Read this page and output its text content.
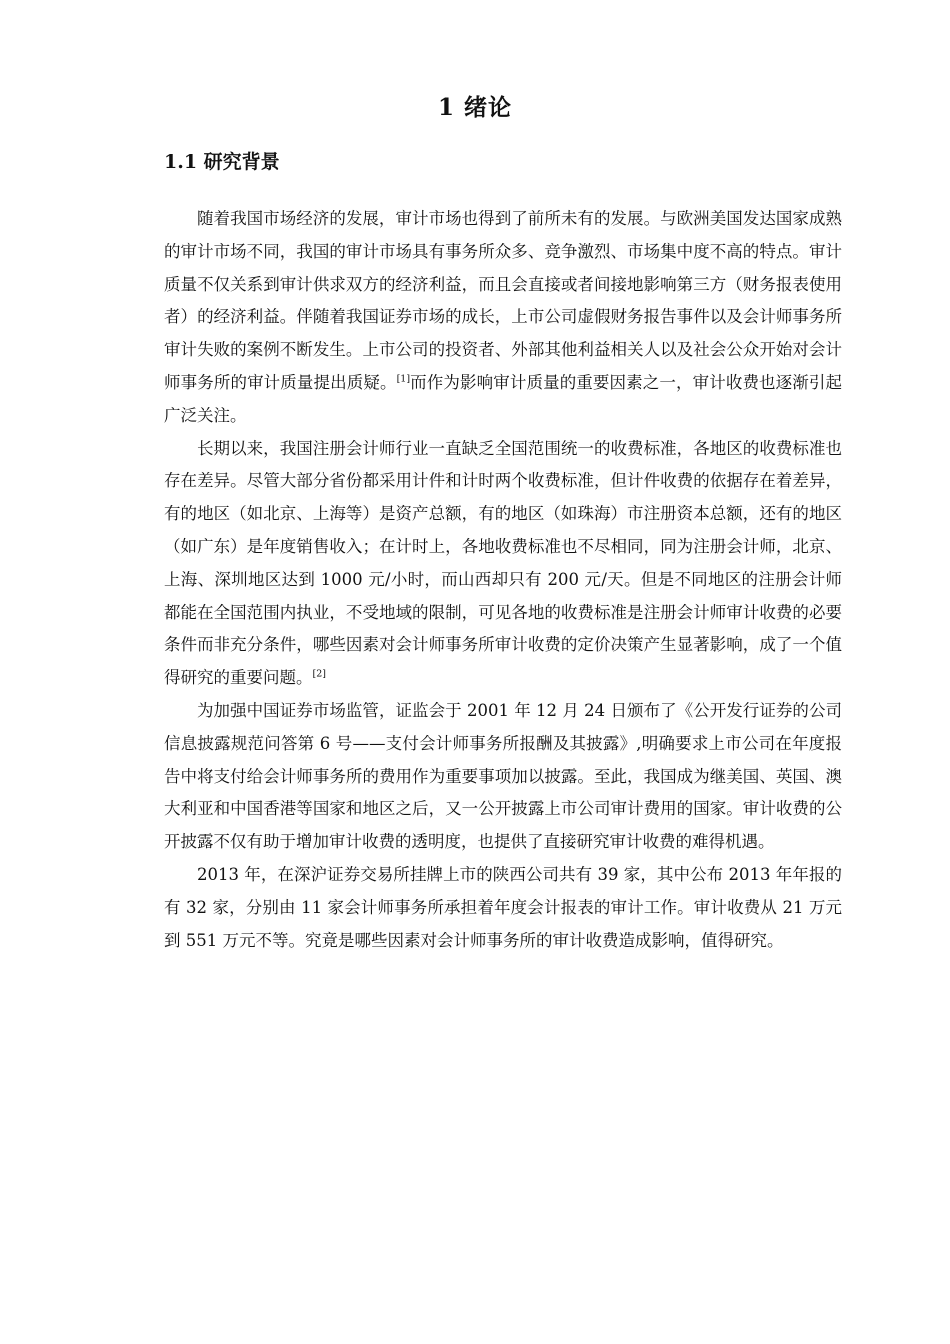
1 绪论
1.1 研究背景

随着我国市场经济的发展，审计市场也得到了前所未有的发展。与欧洲美国发达国家成熟的审计市场不同，我国的审计市场具有事务所众多、竞争激烈、市场集中度不高的特点。审计质量不仅关系到审计供求双方的经济利益，而且会直接或者间接地影响第三方（财务报表使用者）的经济利益。伴随着我国证券市场的成长，上市公司虚假财务报告事件以及会计师事务所审计失败的案例不断发生。上市公司的投资者、外部其他利益相关人以及社会公众开始对会计师事务所的审计质量提出质疑。[1]而作为影响审计质量的重要因素之一，审计收费也逐渐引起广泛关注。

长期以来，我国注册会计师行业一直缺乏全国范围统一的收费标准，各地区的收费标准也存在差异。尽管大部分省份都采用计件和计时两个收费标准，但计件收费的依据存在着差异，有的地区（如北京、上海等）是资产总额，有的地区（如珠海）市注册资本总额，还有的地区（如广东）是年度销售收入；在计时上，各地收费标准也不尽相同，同为注册会计师，北京、上海、深圳地区达到 1000 元/小时，而山西却只有 200 元/天。但是不同地区的注册会计师都能在全国范围内执业，不受地域的限制，可见各地的收费标准是注册会计师审计收费的必要条件而非充分条件，哪些因素对会计师事务所审计收费的定价决策产生显著影响，成了一个值得研究的重要问题。[2]

为加强中国证券市场监管，证监会于 2001 年 12 月 24 日颁布了《公开发行证券的公司信息披露规范问答第 6 号——支付会计师事务所报酬及其披露》,明确要求上市公司在年度报告中将支付给会计师事务所的费用作为重要事项加以披露。至此，我国成为继美国、英国、澳大利亚和中国香港等国家和地区之后，又一公开披露上市公司审计费用的国家。审计收费的公开披露不仅有助于增加审计收费的透明度，也提供了直接研究审计收费的难得机遇。

2013 年，在深沪证券交易所挂牌上市的陕西公司共有 39 家，其中公布 2013 年年报的有 32 家，分别由 11 家会计师事务所承担着年度会计报表的审计工作。审计收费从 21 万元到 551 万元不等。究竟是哪些因素对会计师事务所的审计收费造成影响，值得研究。
